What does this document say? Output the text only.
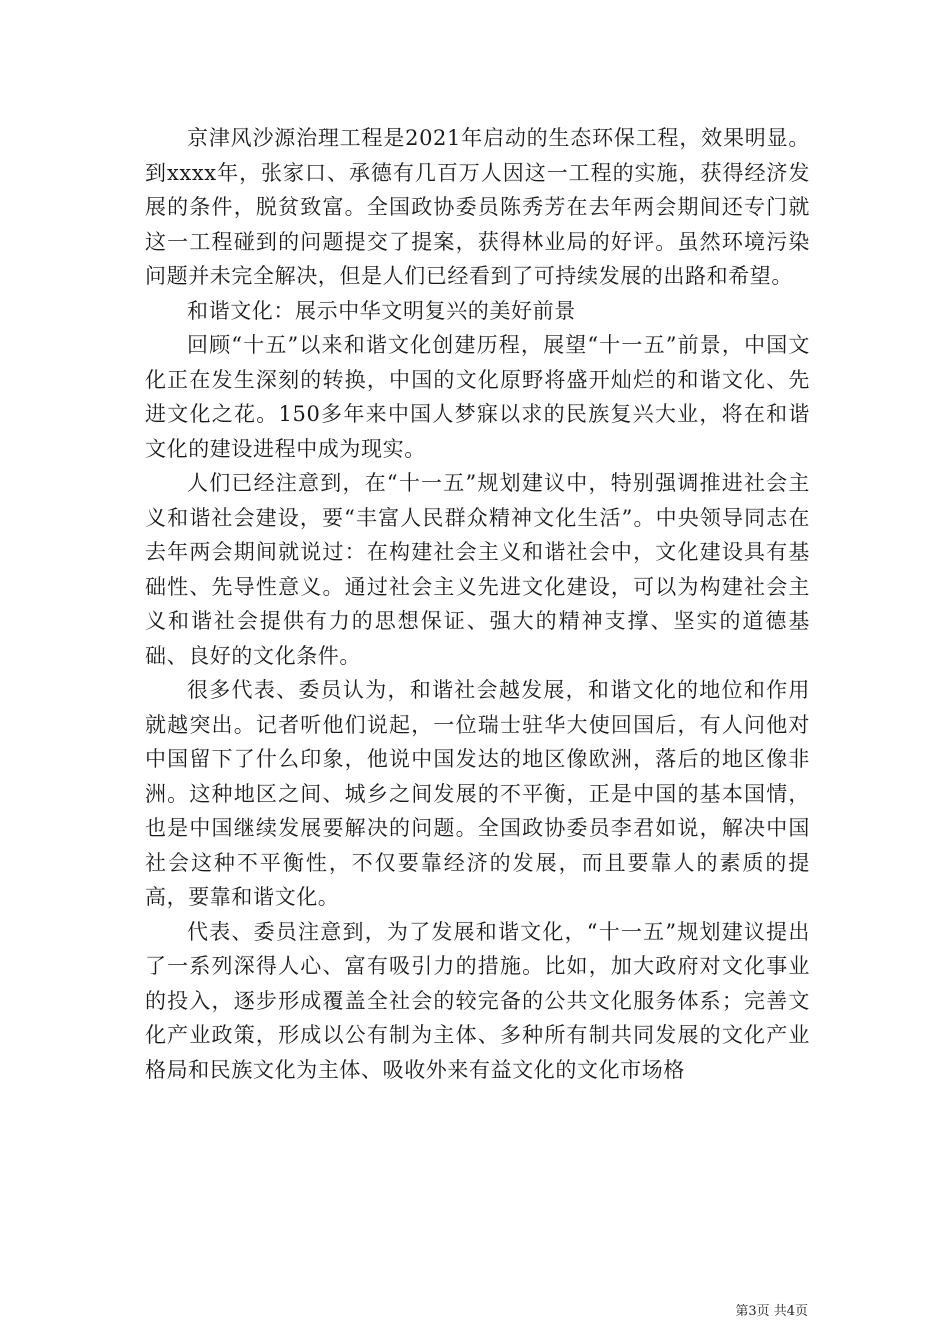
京津风沙源治理工程是2021年启动的生态环保工程，效果明显。到xxxx年，张家口、承德有几百万人因这一工程的实施，获得经济发展的条件，脱贫致富。全国政协委员陈秀芳在去年两会期间还专门就这一工程碰到的问题提交了提案，获得林业局的好评。虽然环境污染问题并未完全解决，但是人们已经看到了可持续发展的出路和希望。

和谐文化：展示中华文明复兴的美好前景

回顾“十五”以来和谐文化创建历程，展望“十一五”前景，中国文化正在发生深刻的转换，中国的文化原野将盛开灿烂的和谐文化、先进文化之花。150多年来中国人梦寐以求的民族复兴大业，将在和谐文化的建设进程中成为现实。

人们已经注意到，在“十一五”规划建议中，特别强调推进社会主义和谐社会建设，要“丰富人民群众精神文化生活”。中央领导同志在去年两会期间就说过：在构建社会主义和谐社会中，文化建设具有基础性、先导性意义。通过社会主义先进文化建设，可以为构建社会主义和谐社会提供有力的思想保证、强大的精神支撑、坚实的道德基础、良好的文化条件。

很多代表、委员认为，和谐社会越发展，和谐文化的地位和作用就越突出。记者听他们说起，一位瑞士驻华大使回国后，有人问他对中国留下了什么印象，他说中国发达的地区像欧洲，落后的地区像非洲。这种地区之间、城乡之间发展的不平衡，正是中国的基本国情，也是中国继续发展要解决的问题。全国政协委员李君如说，解决中国社会这种不平衡性，不仅要靠经济的发展，而且要靠人的素质的提高，要靠和谐文化。

代表、委员注意到，为了发展和谐文化，“十一五”规划建议提出了一系列深得人心、富有吸引力的措施。比如，加大政府对文化事业的投入，逐步形成覆盖全社会的较完备的公共文化服务体系；完善文化产业政策，形成以公有制为主体、多种所有制共同发展的文化产业格局和民族文化为主体、吸收外来有益文化的文化市场格

第3页 共4页
